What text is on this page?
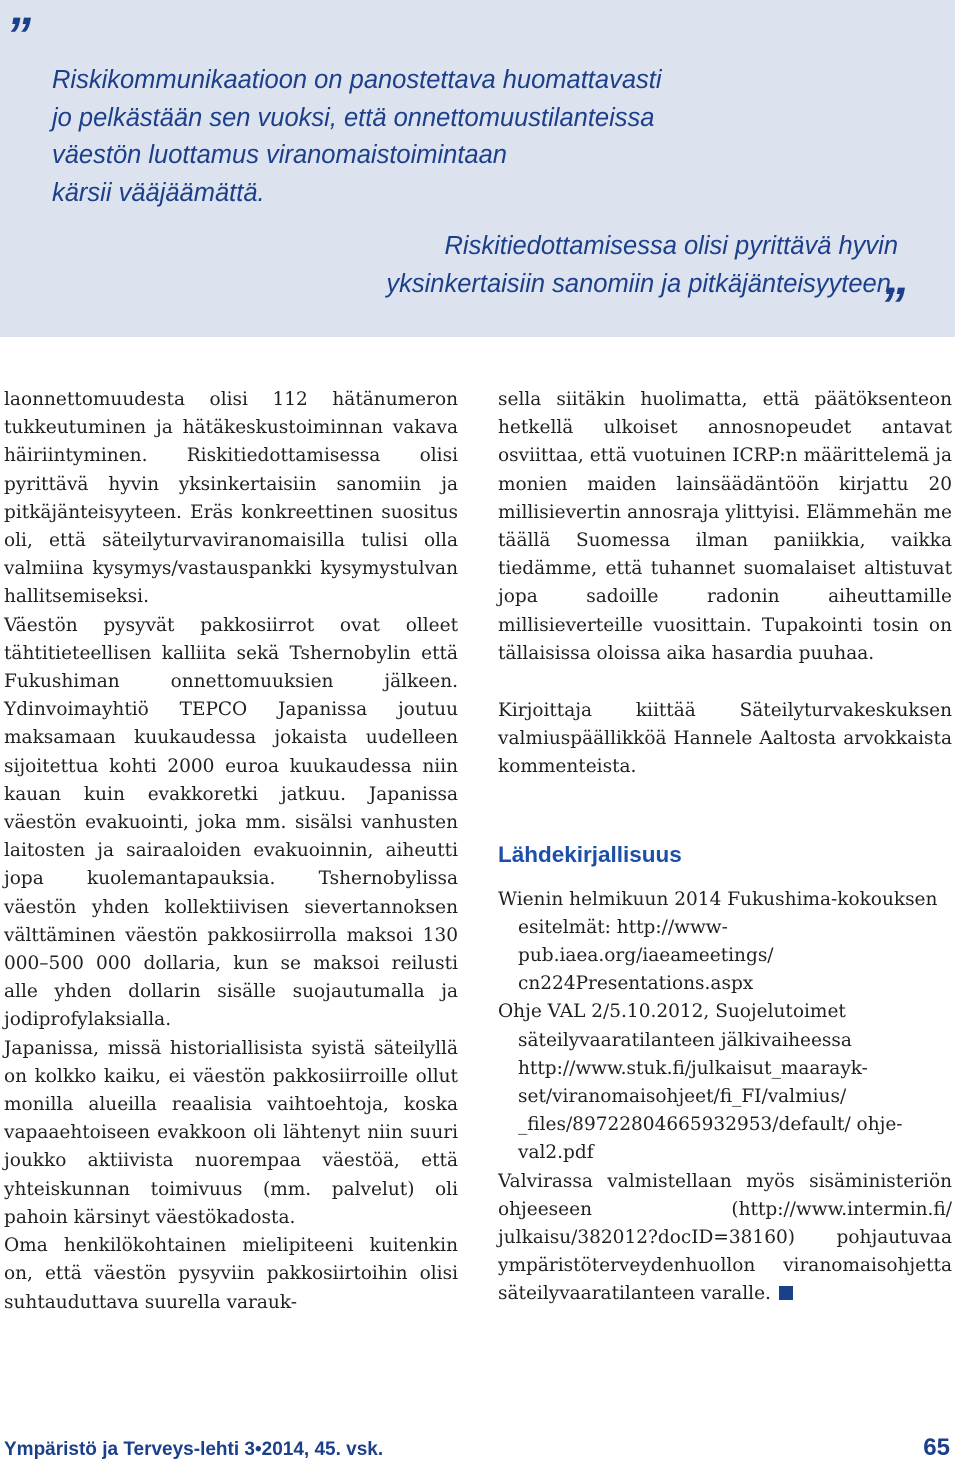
”
Riskikommunikaatioon on panostettava huomattavasti
jo pelkästään sen vuoksi, että onnettomuustilanteissa
väestön luottamus viranomaistoimintaan
kärsii vääjäämättä.
Riskitiedottamisessa olisi pyrittävä hyvin
yksinkertaisiin sanomiin ja pitkäjänteisyyteen.
”

laonnettomuudesta olisi 112 hätänumeron tukkeutuminen ja hätäkeskustoiminnan vakava häiriintyminen. Riskitiedottamisessa olisi pyrittävä hyvin yksinkertaisiin sanomiin ja pitkäjänteisyyteen. Eräs konkreettinen suositus oli, että säteilyturvaviranomaisilla tulisi olla valmiina kysymys/vastauspankki kysymystulvan hallitsemiseksi.

Väestön pysyvät pakkosiirrot ovat olleet tähtitieteellisen kalliita sekä Tshernobylin että Fukushiman onnettomuuksien jälkeen. Ydinvoimayhtiö TEPCO Japanissa joutuu maksamaan kuukaudessa jokaista uudelleen sijoitettua kohti 2000 euroa kuukaudessa niin kauan kuin evakkoretki jatkuu. Japanissa väestön evakuointi, joka mm. sisälsi vanhusten laitosten ja sairaaloiden evakuoinnin, aiheutti jopa kuolemantapauksia. Tshernobylissa väestön yhden kollektiivisen sievertannoksen välttäminen väestön pakkosiirrolla maksoi 130 000–500 000 dollaria, kun se maksoi reilusti alle yhden dollarin sisälle suojautumalla ja jodiprofylaksialla.

Japanissa, missä historiallisista syistä säteilyllä on kolkko kaiku, ei väestön pakkosiirroille ollut monilla alueilla reaalisia vaihtoehtoja, koska vapaaehtoiseen evakkoon oli lähtenyt niin suuri joukko aktiivista nuorempaa väestöä, että yhteiskunnan toimivuus (mm. palvelut) oli pahoin kärsinyt väestökadosta.

Oma henkilökohtainen mielipiteeni kuitenkin on, että väestön pysyviin pakkosiirtoihin olisi suhtauduttava suurella varauk-

sella siitäkin huolimatta, että päätöksenteon hetkellä ulkoiset annosnopeudet antavat osviittaa, että vuotuinen ICRP:n määrittelemä ja monien maiden lainsäädäntöön kirjattu 20 millisievertin annosraja ylittyisi. Elämmehän me täällä Suomessa ilman paniikkia, vaikka tiedämme, että tuhannet suomalaiset altistuvat jopa sadoille radonin aiheuttamille millisieverteille vuosittain. Tupakointi tosin on tällaisissa oloissa aika hasardia puuhaa.

Kirjoittaja kiittää Säteilyturvakeskuksen valmiuspäällikköä Hannele Aaltosta arvokkaista kommenteista.

Lähdekirjallisuus

Wienin helmikuun 2014 Fukushima-kokouksen esitelmät: http://www-pub.iaea.org/iaeameetings/ cn224Presentations.aspx

Ohje VAL 2/5.10.2012, Suojelutoimet säteilyvaaratilanteen jälkivaiheessa http://www.stuk.fi/julkaisut_maarayk-set/viranomaisohjeet/fi_FI/valmius/ _files/89722804665932953/default/ ohje-val2.pdf

Valvirassa valmistellaan myös sisäministeriön ohjeeseen (http://www.intermin.fi/ julkaisu/382012?docID=38160) pohjautuvaa ympäristöterveydenhuollon viranomaisohjetta säteilyvaaratilanteen varalle.

Ympäristö ja Terveys-lehti 3•2014, 45. vsk.	65
